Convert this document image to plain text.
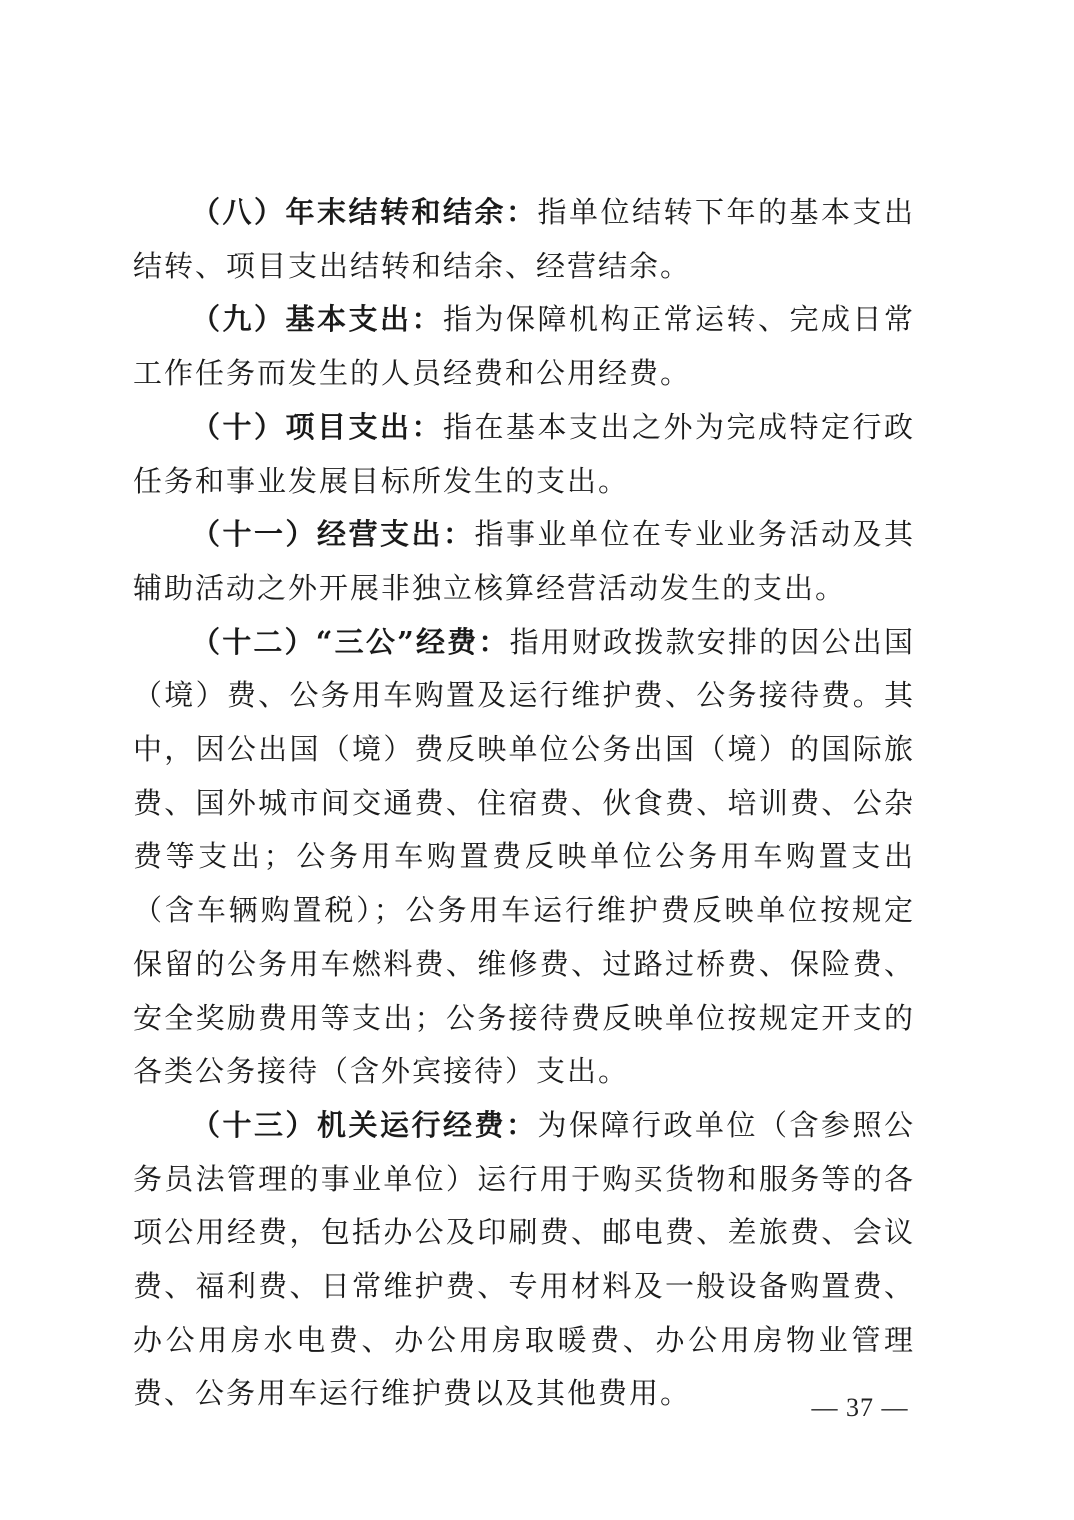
（八）年末结转和结余：指单位结转下年的基本支出结转、项目支出结转和结余、经营结余。

（九）基本支出：指为保障机构正常运转、完成日常工作任务而发生的人员经费和公用经费。

（十）项目支出：指在基本支出之外为完成特定行政任务和事业发展目标所发生的支出。

（十一）经营支出：指事业单位在专业业务活动及其辅助活动之外开展非独立核算经营活动发生的支出。

（十二）“三公”经费：指用财政拨款安排的因公出国（境）费、公务用车购置及运行维护费、公务接待费。其中，因公出国（境）费反映单位公务出国（境）的国际旅费、国外城市间交通费、住宿费、伙食费、培训费、公杂费等支出；公务用车购置费反映单位公务用车购置支出（含车辆购置税）；公务用车运行维护费反映单位按规定保留的公务用车燃料费、维修费、过路过桥费、保险费、安全奖励费用等支出；公务接待费反映单位按规定开支的各类公务接待（含外宾接待）支出。

（十三）机关运行经费：为保障行政单位（含参照公务员法管理的事业单位）运行用于购买货物和服务等的各项公用经费，包括办公及印刷费、邮电费、差旅费、会议费、福利费、日常维护费、专用材料及一般设备购置费、办公用房水电费、办公用房取暖费、办公用房物业管理费、公务用车运行维护费以及其他费用。	— 37 —
